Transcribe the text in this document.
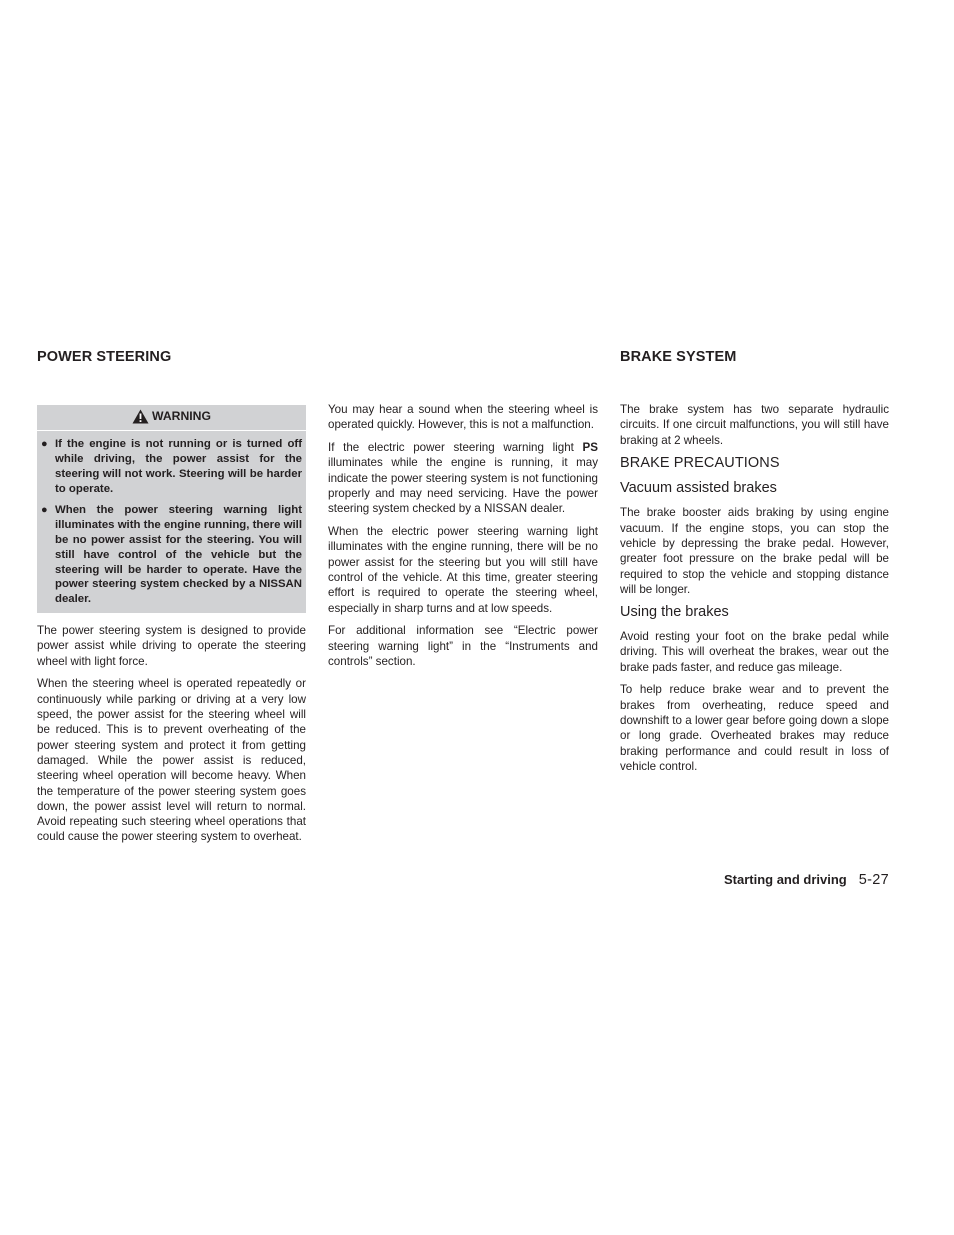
POWER STEERING	BRAKE SYSTEM
WARNING
● If the engine is not running or is turned off while driving, the power assist for the steering will not work. Steering will be harder to operate.
● When the power steering warning light illuminates with the engine running, there will be no power assist for the steering. You will still have control of the vehicle but the steering will be harder to operate. Have the power steering system checked by a NISSAN dealer.

The power steering system is designed to provide power assist while driving to operate the steering wheel with light force.

When the steering wheel is operated repeatedly or continuously while parking or driving at a very low speed, the power assist for the steering wheel will be reduced. This is to prevent overheating of the power steering system and protect it from getting damaged. While the power assist is reduced, steering wheel operation will become heavy. When the temperature of the power steering system goes down, the power assist level will return to normal. Avoid repeating such steering wheel operations that could cause the power steering system to overheat.

You may hear a sound when the steering wheel is operated quickly. However, this is not a malfunction.

If the electric power steering warning light PS illuminates while the engine is running, it may indicate the power steering system is not functioning properly and may need servicing. Have the power steering system checked by a NISSAN dealer.

When the electric power steering warning light illuminates with the engine running, there will be no power assist for the steering but you will still have control of the vehicle. At this time, greater steering effort is required to operate the steering wheel, especially in sharp turns and at low speeds.

For additional information see “Electric power steering warning light” in the “Instruments and controls” section.

The brake system has two separate hydraulic circuits. If one circuit malfunctions, you will still have braking at 2 wheels.

BRAKE PRECAUTIONS
Vacuum assisted brakes

The brake booster aids braking by using engine vacuum. If the engine stops, you can stop the vehicle by depressing the brake pedal. However, greater foot pressure on the brake pedal will be required to stop the vehicle and stopping distance will be longer.

Using the brakes

Avoid resting your foot on the brake pedal while driving. This will overheat the brakes, wear out the brake pads faster, and reduce gas mileage.

To help reduce brake wear and to prevent the brakes from overheating, reduce speed and downshift to a lower gear before going down a slope or long grade. Overheated brakes may reduce braking performance and could result in loss of vehicle control.

Starting and driving 5-27
